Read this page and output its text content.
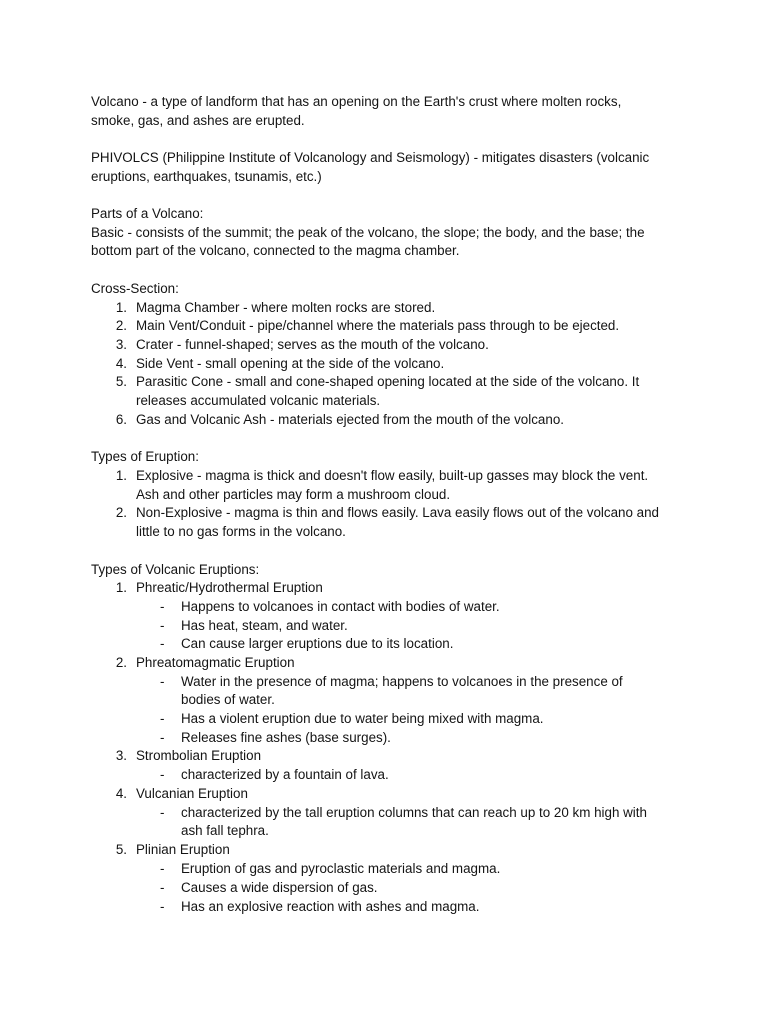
Volcano - a type of landform that has an opening on the Earth's crust where molten rocks,
smoke, gas, and ashes are erupted.
PHIVOLCS (Philippine Institute of Volcanology and Seismology) - mitigates disasters (volcanic
eruptions, earthquakes, tsunamis, etc.)
Parts of a Volcano:
Basic - consists of the summit; the peak of the volcano, the slope; the body, and the base; the
bottom part of the volcano, connected to the magma chamber.
Cross-Section:
1. Magma Chamber - where molten rocks are stored.
2. Main Vent/Conduit - pipe/channel where the materials pass through to be ejected.
3. Crater - funnel-shaped; serves as the mouth of the volcano.
4. Side Vent - small opening at the side of the volcano.
5. Parasitic Cone - small and cone-shaped opening located at the side of the volcano. It
releases accumulated volcanic materials.
6. Gas and Volcanic Ash - materials ejected from the mouth of the volcano.
Types of Eruption:
1. Explosive - magma is thick and doesn't flow easily, built-up gasses may block the vent.
Ash and other particles may form a mushroom cloud.
2. Non-Explosive - magma is thin and flows easily. Lava easily flows out of the volcano and
little to no gas forms in the volcano.
Types of Volcanic Eruptions:
1. Phreatic/Hydrothermal Eruption
- Happens to volcanoes in contact with bodies of water.
- Has heat, steam, and water.
- Can cause larger eruptions due to its location.
2. Phreatomagmatic Eruption
- Water in the presence of magma; happens to volcanoes in the presence of
bodies of water.
- Has a violent eruption due to water being mixed with magma.
- Releases fine ashes (base surges).
3. Strombolian Eruption
- characterized by a fountain of lava.
4. Vulcanian Eruption
- characterized by the tall eruption columns that can reach up to 20 km high with
ash fall tephra.
5. Plinian Eruption
- Eruption of gas and pyroclastic materials and magma.
- Causes a wide dispersion of gas.
- Has an explosive reaction with ashes and magma.
